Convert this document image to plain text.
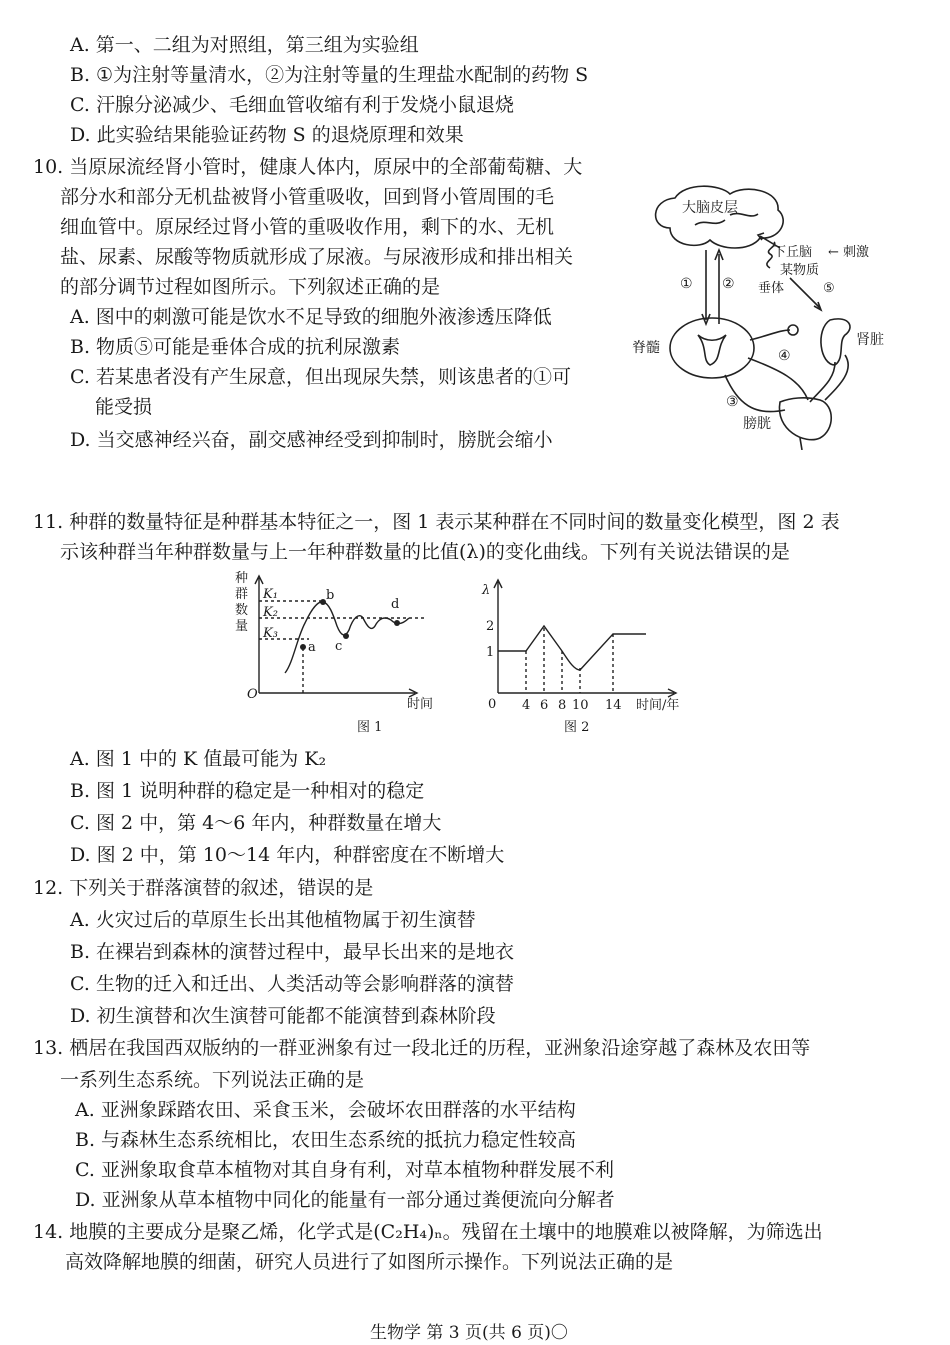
A. 第一、二组为对照组，第三组为实验组
B. ①为注射等量清水，②为注射等量的生理盐水配制的药物 S
C. 汗腺分泌减少、毛细血管收缩有利于发烧小鼠退烧
D. 此实验结果能验证药物 S 的退烧原理和效果
10. 当原尿流经肾小管时，健康人体内，原尿中的全部葡萄糖、大
部分水和部分无机盐被肾小管重吸收，回到肾小管周围的毛
细血管中。原尿经过肾小管的重吸收作用，剩下的水、无机
盐、尿素、尿酸等物质就形成了尿液。与尿液形成和排出相关
的部分调节过程如图所示。下列叙述正确的是
A. 图中的刺激可能是饮水不足导致的细胞外液渗透压降低
B. 物质⑤可能是垂体合成的抗利尿激素
C. 若某患者没有产生尿意，但出现尿失禁，则该患者的①可
能受损
D. 当交感神经兴奋，副交感神经受到抑制时，膀胱会缩小
大脑皮层
下丘脑 ← 刺激
某物质
垂体	⑤
① ②
脊髓	肾脏
④
③
膀胱
11. 种群的数量特征是种群基本特征之一，图 1 表示某种群在不同时间的数量变化模型，图 2 表
示该种群当年种群数量与上一年种群数量的比值(λ)的变化曲线。下列有关说法错误的是
种
群
数
量
K₁
K₂
K₃
a
b
c
d
O
时间
图 1
λ
2
1
0 4 6 8 10 14 时间/年
图 2
A. 图 1 中的 K 值最可能为 K₂
B. 图 1 说明种群的稳定是一种相对的稳定
C. 图 2 中，第 4～6 年内，种群数量在增大
D. 图 2 中，第 10～14 年内，种群密度在不断增大
12. 下列关于群落演替的叙述，错误的是
A. 火灾过后的草原生长出其他植物属于初生演替
B. 在裸岩到森林的演替过程中，最早长出来的是地衣
C. 生物的迁入和迁出、人类活动等会影响群落的演替
D. 初生演替和次生演替可能都不能演替到森林阶段
13. 栖居在我国西双版纳的一群亚洲象有过一段北迁的历程，亚洲象沿途穿越了森林及农田等
一系列生态系统。下列说法正确的是
A. 亚洲象踩踏农田、采食玉米，会破坏农田群落的水平结构
B. 与森林生态系统相比，农田生态系统的抵抗力稳定性较高
C. 亚洲象取食草本植物对其自身有利，对草本植物种群发展不利
D. 亚洲象从草本植物中同化的能量有一部分通过粪便流向分解者
14. 地膜的主要成分是聚乙烯，化学式是(C₂H₄)ₙ。残留在土壤中的地膜难以被降解，为筛选出
高效降解地膜的细菌，研究人员进行了如图所示操作。下列说法正确的是
生物学 第 3 页(共 6 页)〇
